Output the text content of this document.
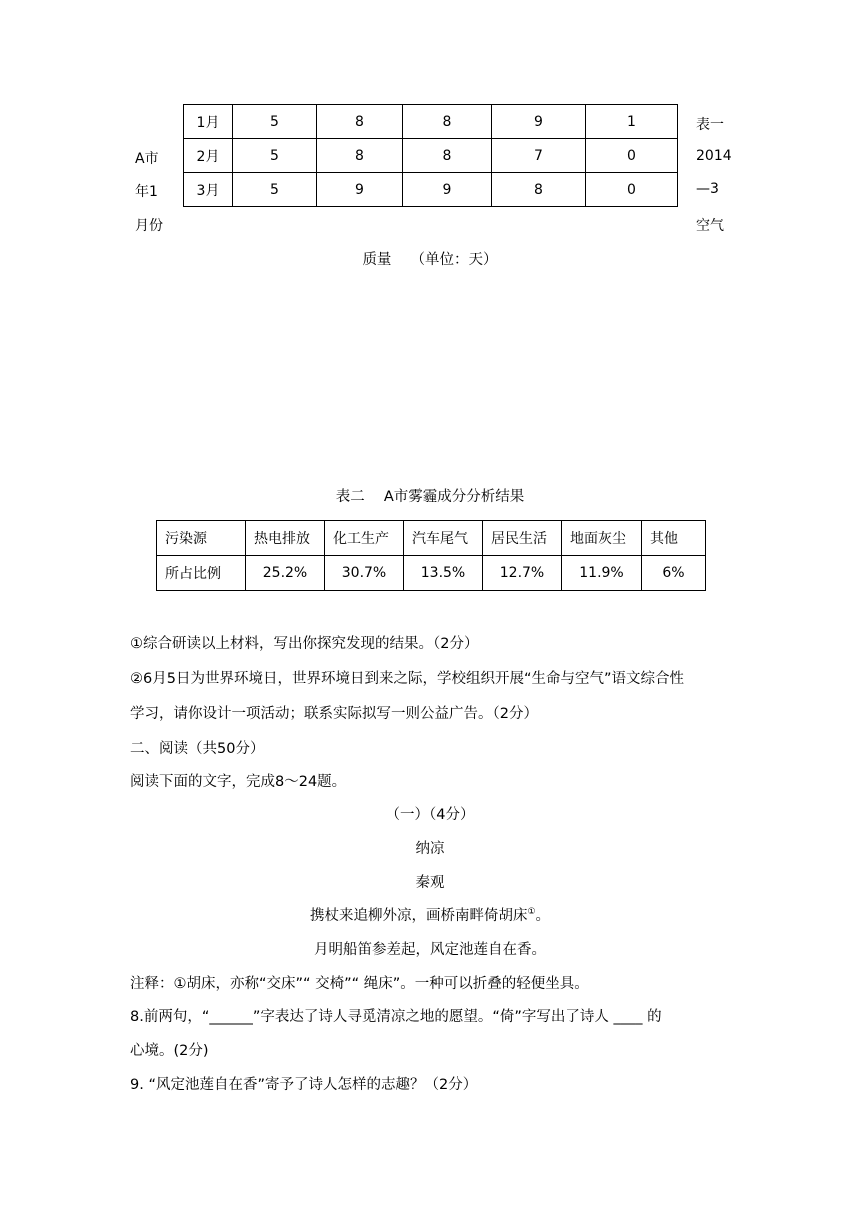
A市
年1
月份
表一
2014
—3
空气
1月	5	8	8	9	1
2月	5	8	8	7	0
3月	5	9	9	8	0
质量　 （单位：天）
表二　 A市雾霾成分分析结果
污染源	热电排放	化工生产	汽车尾气	居民生活	地面灰尘	其他
所占比例	25.2%	30.7%	13.5%	12.7%	11.9%	6%
①综合研读以上材料，写出你探究发现的结果。（2分）
②6月5日为世界环境日，世界环境日到来之际，学校组织开展“生命与空气”语文综合性
学习，请你设计一项活动；联系实际拟写一则公益广告。（2分）
二、阅读（共50分）
阅读下面的文字，完成8～24题。
（一）（4分）
纳凉
秦观
携杖来追柳外凉，画桥南畔倚胡床①。
月明船笛参差起，风定池莲自在香。
注释：①胡床，亦称“交床”“ 交椅”“ 绳床”。一种可以折叠的轻便坐具。
8.前两句，“______”字表达了诗人寻觅清凉之地的愿望。“倚”字写出了诗人 ____ 的
心境。(2分)
9. “风定池莲自在香”寄予了诗人怎样的志趣？（2分）
